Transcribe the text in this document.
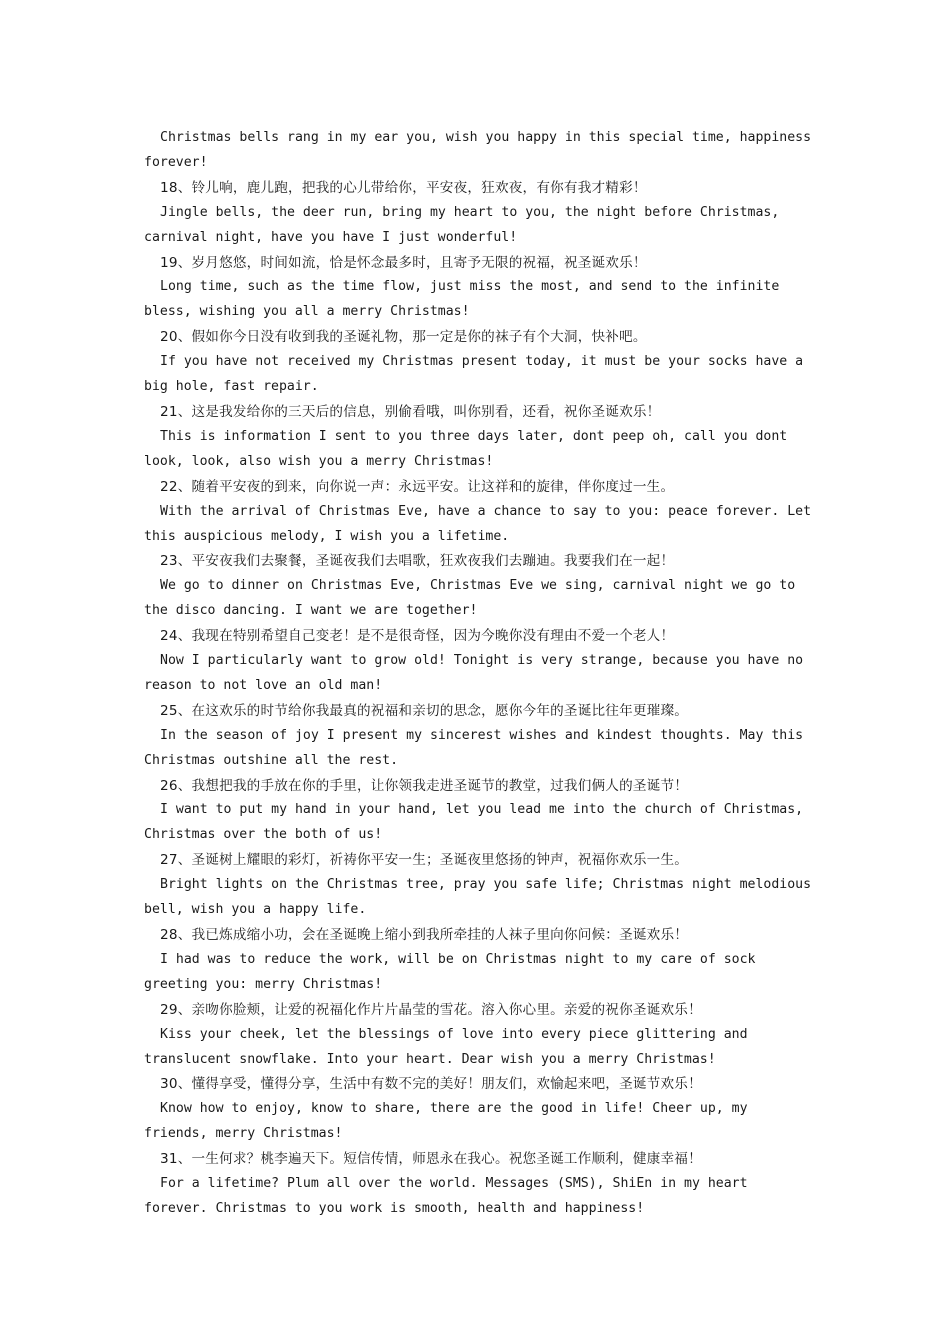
Christmas bells rang in my ear you, wish you happy in this special time, happiness forever!

18、铃儿响，鹿儿跑，把我的心儿带给你，平安夜，狂欢夜，有你有我才精彩！

Jingle bells, the deer run, bring my heart to you, the night before Christmas, carnival night, have you have I just wonderful!

19、岁月悠悠，时间如流，恰是怀念最多时，且寄予无限的祝福，祝圣诞欢乐！

Long time, such as the time flow, just miss the most, and send to the infinite bless, wishing you all a merry Christmas!

20、假如你今日没有收到我的圣诞礼物，那一定是你的袜子有个大洞，快补吧。

If you have not received my Christmas present today, it must be your socks have a big hole, fast repair.

21、这是我发给你的三天后的信息，别偷看哦，叫你别看，还看，祝你圣诞欢乐！

This is information I sent to you three days later, dont peep oh, call you dont look, look, also wish you a merry Christmas!

22、随着平安夜的到来，向你说一声：永远平安。让这祥和的旋律，伴你度过一生。

With the arrival of Christmas Eve, have a chance to say to you: peace forever. Let this auspicious melody, I wish you a lifetime.

23、平安夜我们去聚餐，圣诞夜我们去唱歌，狂欢夜我们去蹦迪。我要我们在一起！

We go to dinner on Christmas Eve, Christmas Eve we sing, carnival night we go to the disco dancing. I want we are together!

24、我现在特别希望自己变老！是不是很奇怪，因为今晚你没有理由不爱一个老人！

Now I particularly want to grow old! Tonight is very strange, because you have no reason to not love an old man!

25、在这欢乐的时节给你我最真的祝福和亲切的思念，愿你今年的圣诞比往年更璀璨。

In the season of joy I present my sincerest wishes and kindest thoughts. May this Christmas outshine all the rest.

26、我想把我的手放在你的手里，让你领我走进圣诞节的教堂，过我们俩人的圣诞节！

I want to put my hand in your hand, let you lead me into the church of Christmas, Christmas over the both of us!

27、圣诞树上耀眼的彩灯，祈祷你平安一生；圣诞夜里悠扬的钟声，祝福你欢乐一生。

Bright lights on the Christmas tree, pray you safe life; Christmas night melodious bell, wish you a happy life.

28、我已炼成缩小功，会在圣诞晚上缩小到我所牵挂的人袜子里向你问候：圣诞欢乐！

I had was to reduce the work, will be on Christmas night to my care of sock greeting you: merry Christmas!

29、亲吻你脸颊，让爱的祝福化作片片晶莹的雪花。溶入你心里。亲爱的祝你圣诞欢乐！

Kiss your cheek, let the blessings of love into every piece glittering and translucent snowflake. Into your heart. Dear wish you a merry Christmas!

30、懂得享受，懂得分享，生活中有数不完的美好！朋友们，欢愉起来吧，圣诞节欢乐！

Know how to enjoy, know to share, there are the good in life! Cheer up, my friends, merry Christmas!

31、一生何求？桃李遍天下。短信传情，师恩永在我心。祝您圣诞工作顺利，健康幸福！

For a lifetime? Plum all over the world. Messages (SMS), ShiEn in my heart forever. Christmas to you work is smooth, health and happiness!
